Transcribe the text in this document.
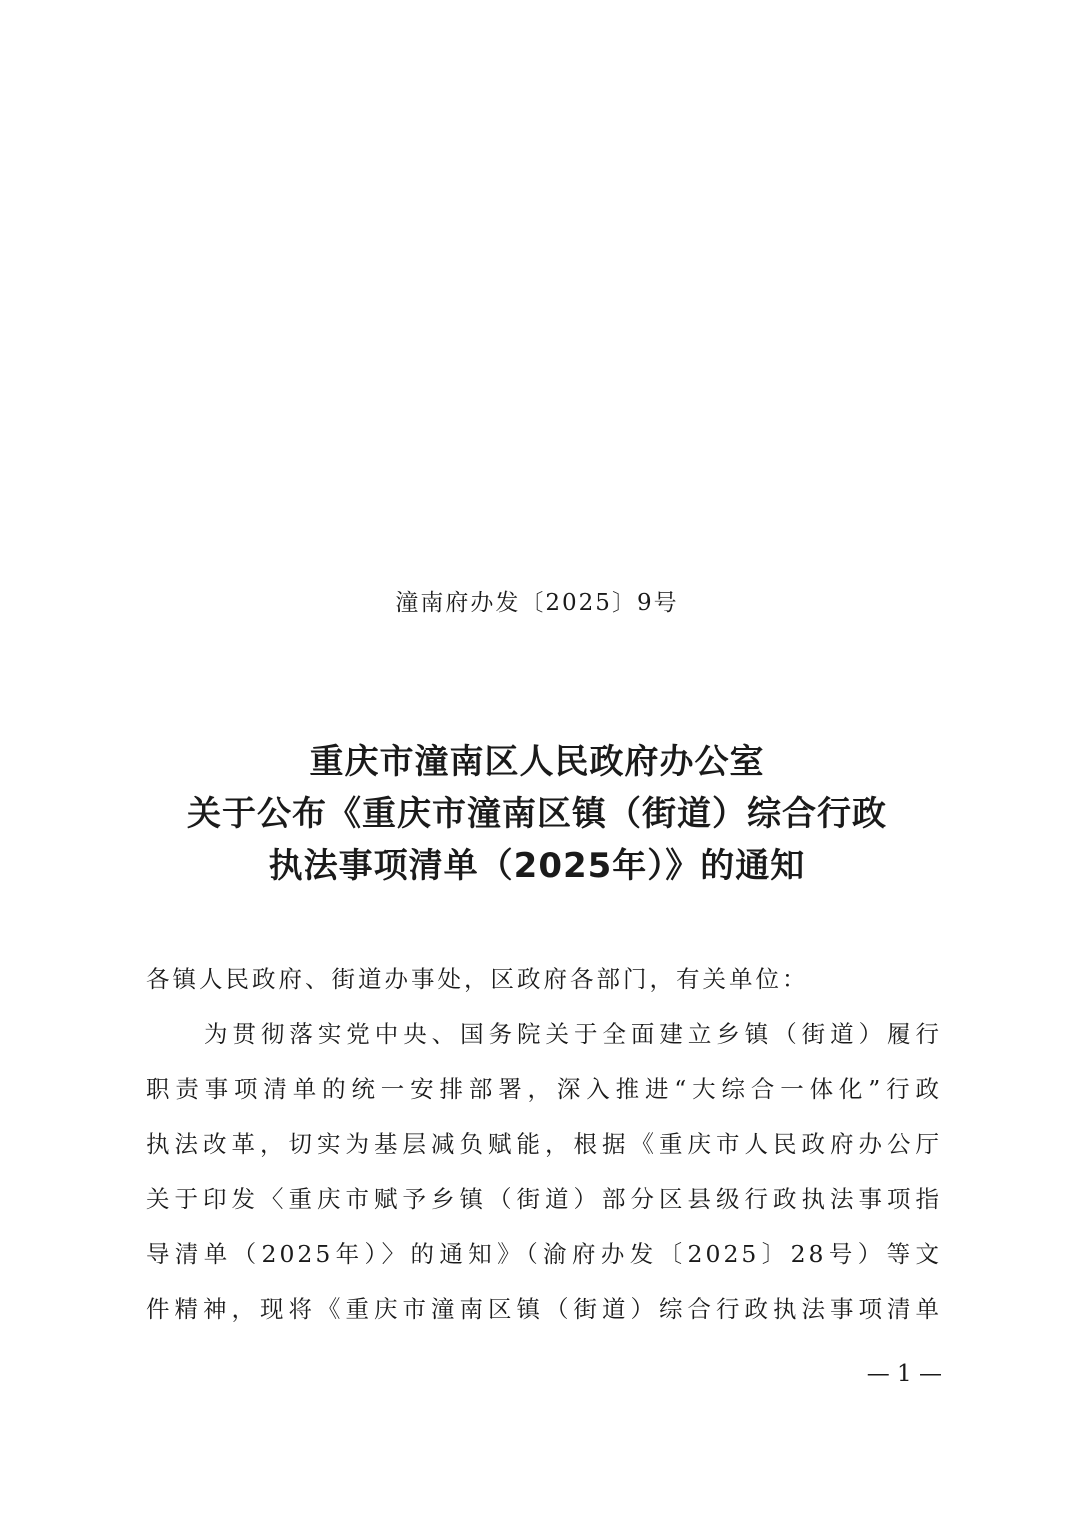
潼南府办发〔2025〕9号
重庆市潼南区人民政府办公室
关于公布《重庆市潼南区镇（街道）综合行政
执法事项清单（2025年）》的通知
各镇人民政府、街道办事处，区政府各部门，有关单位：
为贯彻落实党中央、国务院关于全面建立乡镇（街道）履行
职责事项清单的统一安排部署，深入推进“大综合一体化”行政
执法改革，切实为基层减负赋能，根据《重庆市人民政府办公厅
关于印发〈重庆市赋予乡镇（街道）部分区县级行政执法事项指
导清单（2025年）〉的通知》（渝府办发〔2025〕28号）等文
件精神，现将《重庆市潼南区镇（街道）综合行政执法事项清单
— 1 —
